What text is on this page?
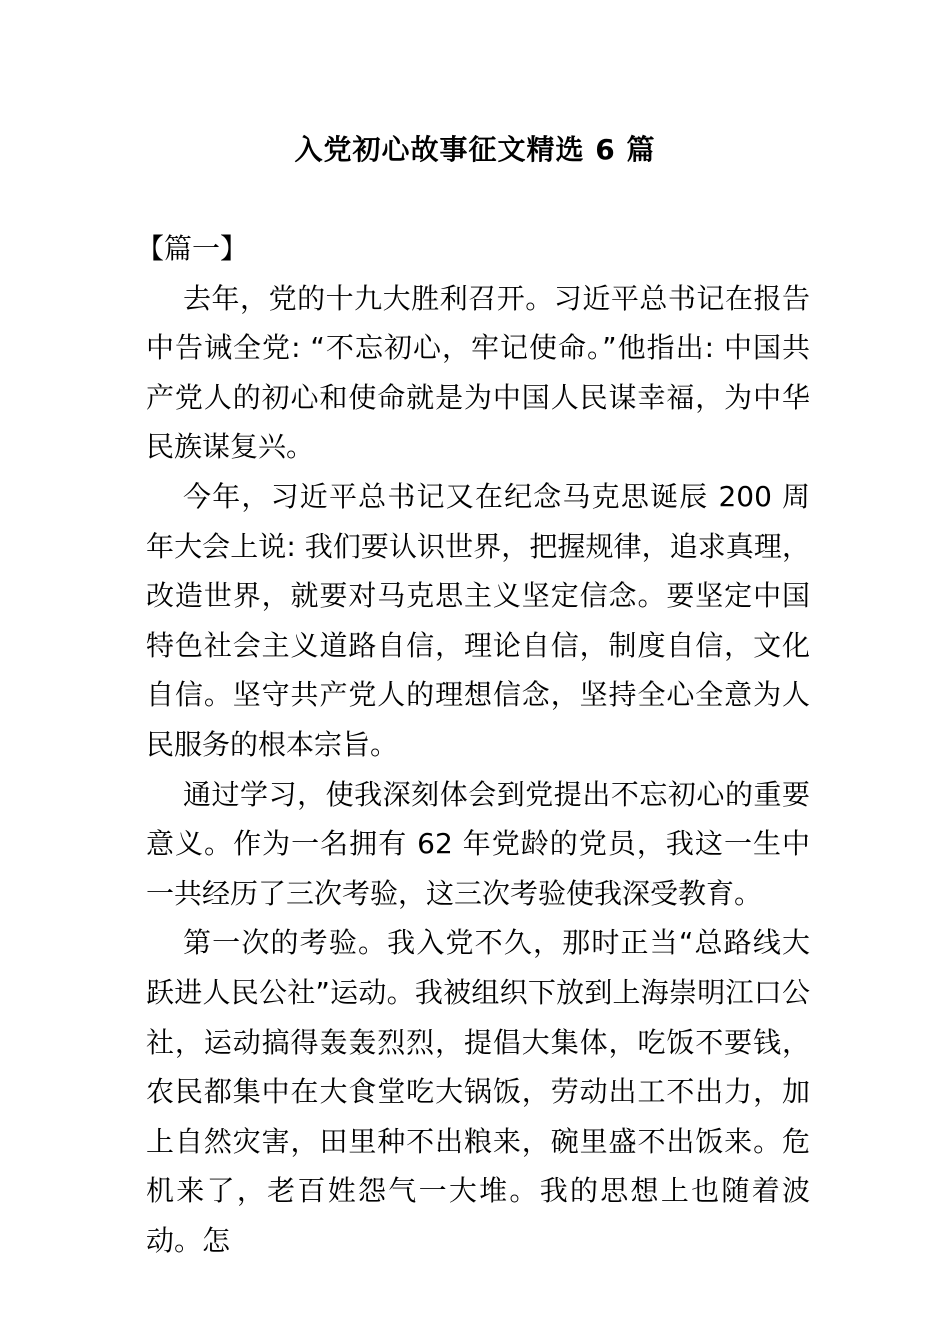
入党初心故事征文精选 6 篇

【篇一】

去年，党的十九大胜利召开。习近平总书记在报告中告诫全党: “不忘初心，牢记使命。”他指出: 中国共产党人的初心和使命就是为中国人民谋幸福，为中华民族谋复兴。

今年，习近平总书记又在纪念马克思诞辰 200 周年大会上说: 我们要认识世界，把握规律，追求真理，改造世界，就要对马克思主义坚定信念。要坚定中国特色社会主义道路自信，理论自信，制度自信，文化自信。坚守共产党人的理想信念，坚持全心全意为人民服务的根本宗旨。

通过学习，使我深刻体会到党提出不忘初心的重要意义。作为一名拥有 62 年党龄的党员，我这一生中一共经历了三次考验，这三次考验使我深受教育。

第一次的考验。我入党不久，那时正当“总路线大跃进人民公社”运动。我被组织下放到上海崇明江口公社，运动搞得轰轰烈烈，提倡大集体，吃饭不要钱，农民都集中在大食堂吃大锅饭，劳动出工不出力，加上自然灾害，田里种不出粮来，碗里盛不出饭来。危机来了，老百姓怨气一大堆。我的思想上也随着波动。怎
